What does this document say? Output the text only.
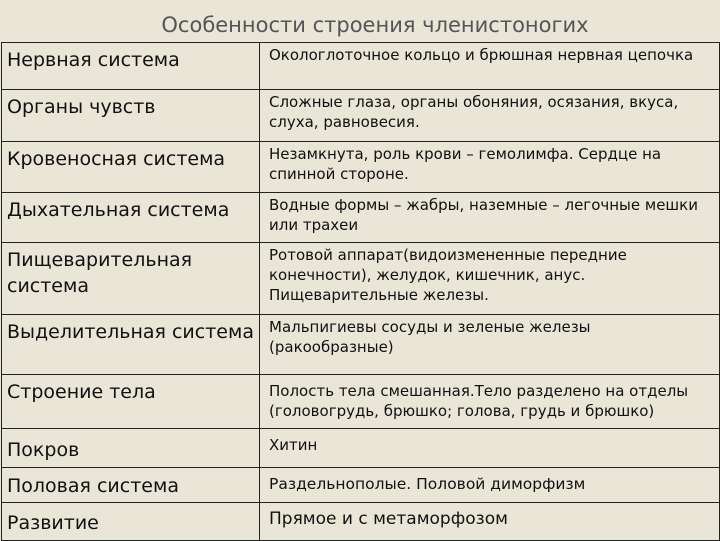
Особенности строения членистоногих
Нервная система	Окологлоточное кольцо и брюшная нервная цепочка
Органы чувств	Сложные глаза, органы обоняния, осязания, вкуса, слуха, равновесия.
Кровеносная система	Незамкнута, роль крови – гемолимфа. Сердце на спинной стороне.
Дыхательная система	Водные формы – жабры, наземные – легочные мешки или трахеи
Пищеварительная система	Ротовой аппарат(видоизмененные передние конечности), желудок, кишечник, анус. Пищеварительные железы.
Выделительная система	Мальпигиевы сосуды и зеленые железы (ракообразные)
Строение тела	Полость тела смешанная.Тело разделено на отделы (головогрудь, брюшко; голова, грудь и брюшко)
Покров	Хитин
Половая система	Раздельнополые. Половой диморфизм
Развитие	Прямое и с метаморфозом
